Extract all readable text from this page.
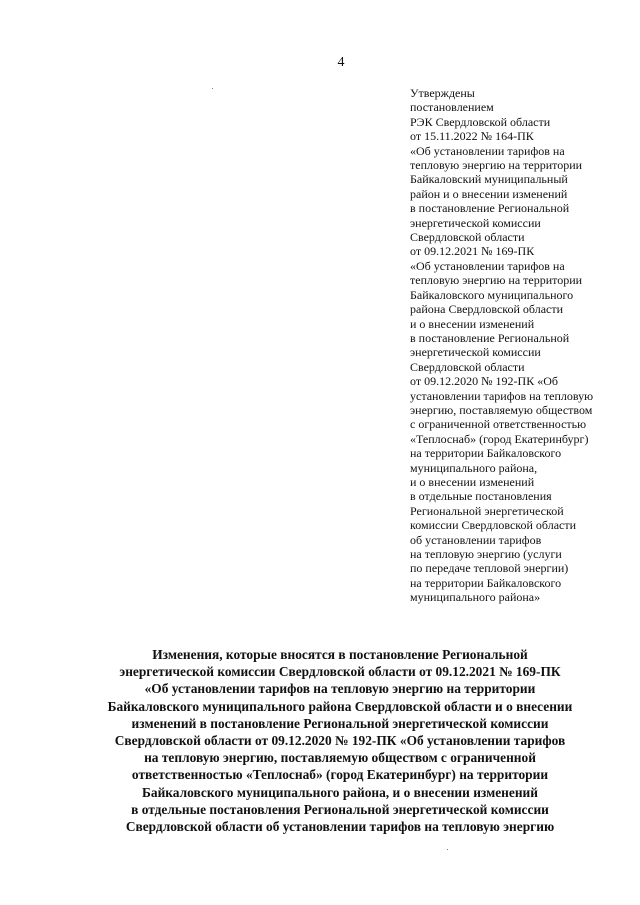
4
Утверждены
постановлением
РЭК Свердловской области
от 15.11.2022 № 164-ПК
«Об установлении тарифов на
тепловую энергию на территории
Байкаловский муниципальный
район и о внесении изменений
в постановление Региональной
энергетической комиссии
Свердловской области
от 09.12.2021 № 169-ПК
«Об установлении тарифов на
тепловую энергию на территории
Байкаловского муниципального
района Свердловской области
и о внесении изменений
в постановление Региональной
энергетической комиссии
Свердловской области
от 09.12.2020 № 192-ПК «Об
установлении тарифов на тепловую
энергию, поставляемую обществом
с ограниченной ответственностью
«Теплоснаб» (город Екатеринбург)
на территории Байкаловского
муниципального района,
и о внесении изменений
в отдельные постановления
Региональной энергетической
комиссии Свердловской области
об установлении тарифов
на тепловую энергию (услуги
по передаче тепловой энергии)
на территории Байкаловского
муниципального района»
Изменения, которые вносятся в постановление Региональной
энергетической комиссии Свердловской области от 09.12.2021 № 169-ПК
«Об установлении тарифов на тепловую энергию на территории
Байкаловского муниципального района Свердловской области и о внесении
изменений в постановление Региональной энергетической комиссии
Свердловской области от 09.12.2020 № 192-ПК «Об установлении тарифов
на тепловую энергию, поставляемую обществом с ограниченной
ответственностью «Теплоснаб» (город Екатеринбург) на территории
Байкаловского муниципального района, и о внесении изменений
в отдельные постановления Региональной энергетической комиссии
Свердловской области об установлении тарифов на тепловую энергию
